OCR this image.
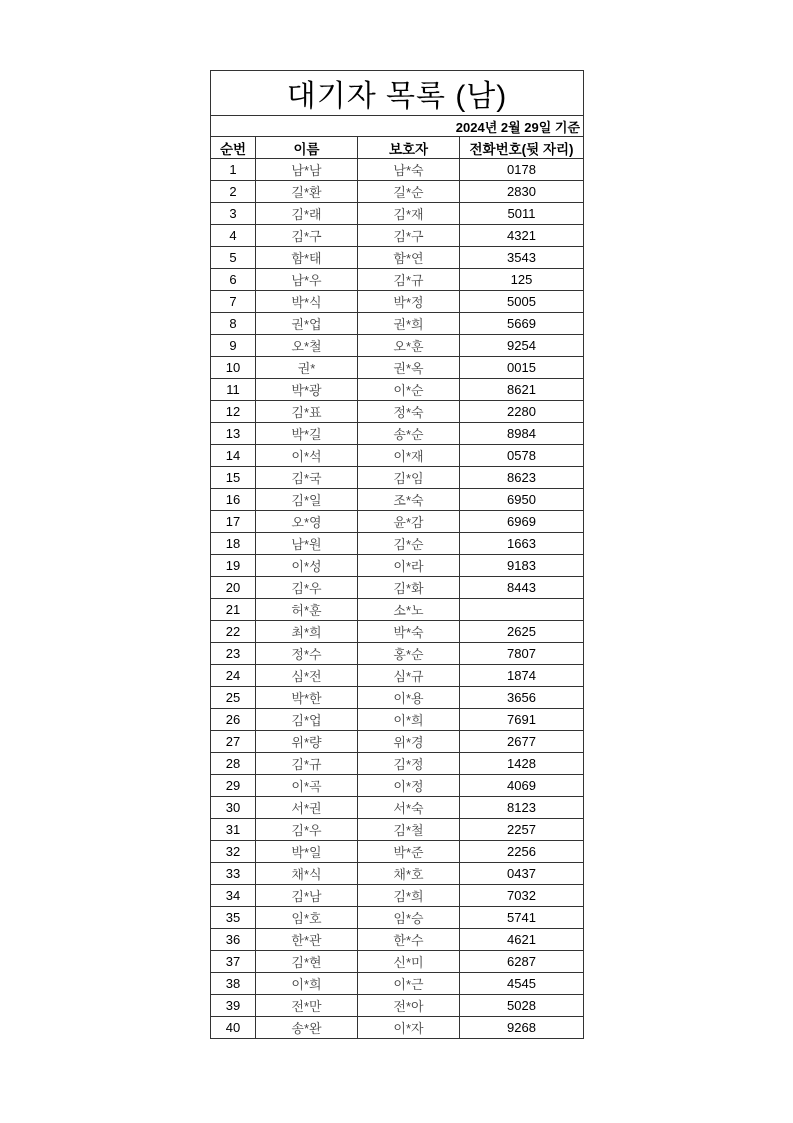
대기자 목록 (남)			
2024년 2월 29일 기준			
순번	이름	보호자	전화번호(뒷 자리)
1	남*남	남*숙	0178
2	길*환	길*순	2830
3	김*래	김*재	5011
4	김*구	김*구	4321
5	함*태	함*연	3543
6	남*우	김*규	125
7	박*식	박*정	5005
8	권*업	권*희	5669
9	오*철	오*훈	9254
10	권*	권*옥	0015
11	박*광	이*순	8621
12	김*표	정*숙	2280
13	박*길	송*순	8984
14	이*석	이*재	0578
15	김*국	김*임	8623
16	김*일	조*숙	6950
17	오*영	윤*감	6969
18	남*원	김*순	1663
19	이*성	이*라	9183
20	김*우	김*화	8443
21	허*훈	소*노	
22	최*희	박*숙	2625
23	정*수	홍*순	7807
24	심*전	심*규	1874
25	박*한	이*용	3656
26	김*업	이*희	7691
27	위*량	위*경	2677
28	김*규	김*정	1428
29	이*곡	이*정	4069
30	서*권	서*숙	8123
31	김*우	김*철	2257
32	박*일	박*준	2256
33	채*식	채*호	0437
34	김*남	김*희	7032
35	임*호	임*승	5741
36	한*관	한*수	4621
37	김*현	신*미	6287
38	이*희	이*근	4545
39	전*만	전*아	5028
40	송*완	이*자	9268
